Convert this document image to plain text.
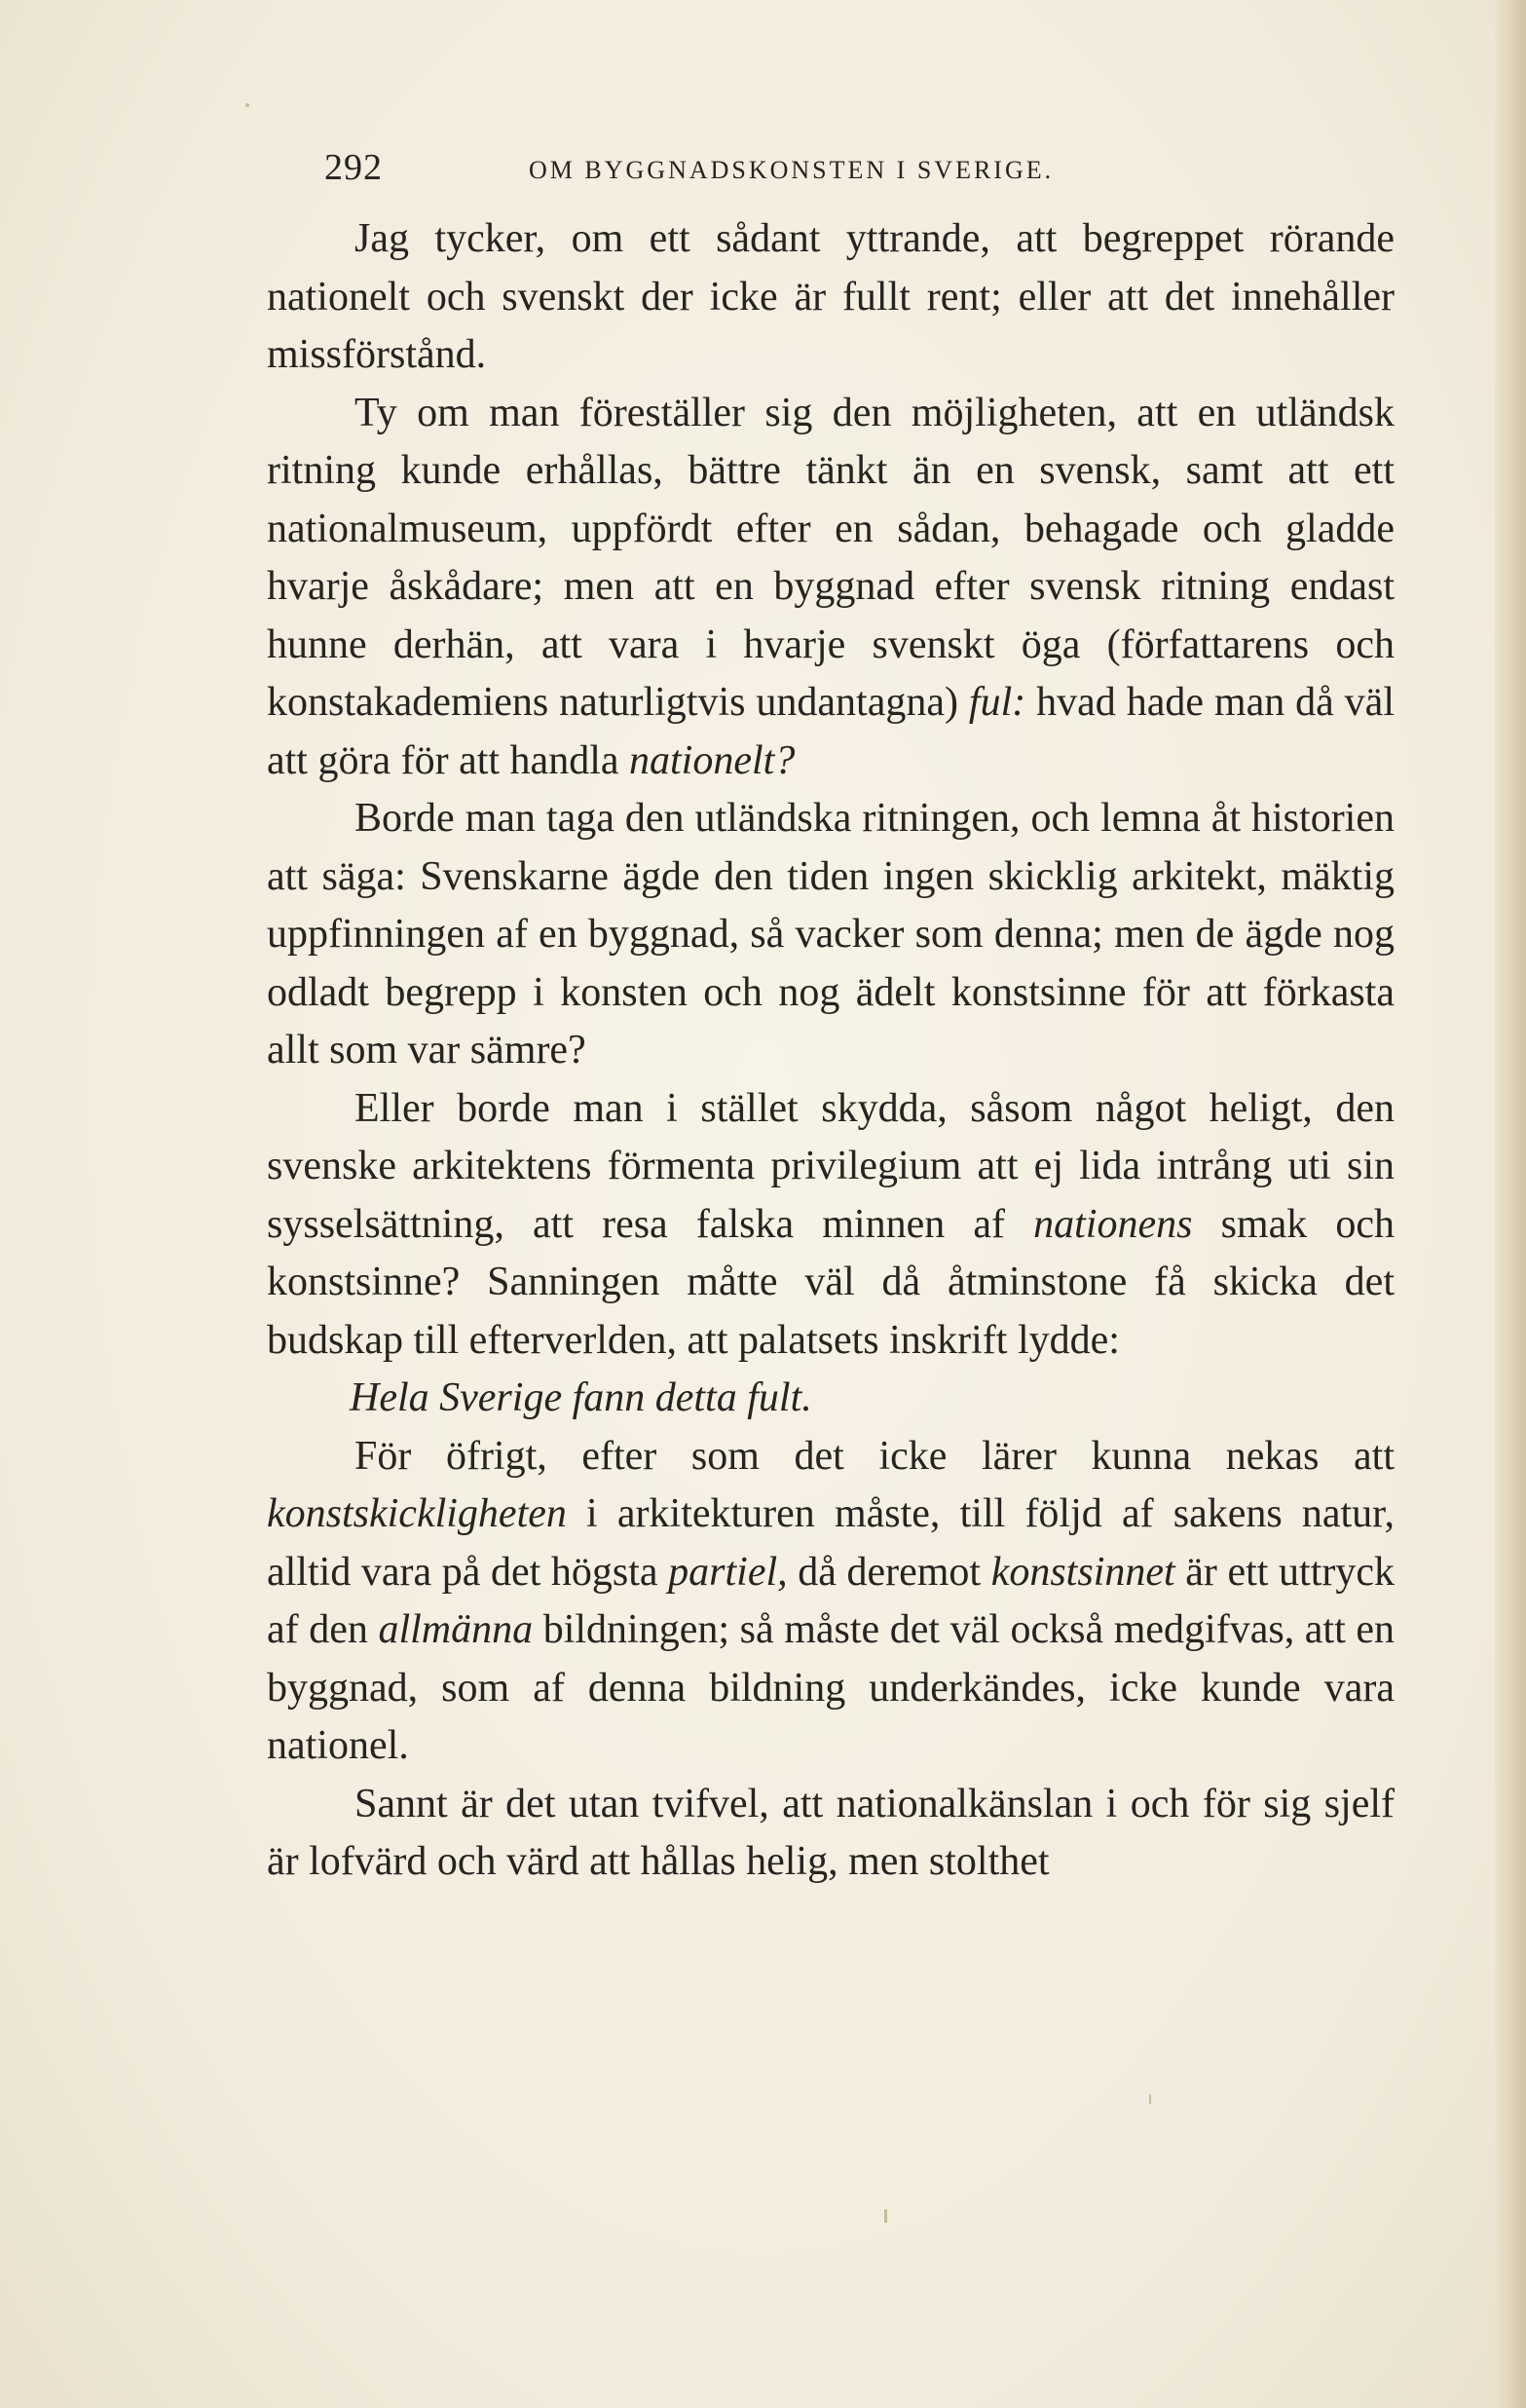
292	OM BYGGNADSKONSTEN I SVERIGE.

Jag tycker, om ett sådant yttrande, att begreppet rörande nationelt och svenskt der icke är fullt rent; eller att det innehåller missförstånd.

Ty om man föreställer sig den möjligheten, att en utländsk ritning kunde erhållas, bättre tänkt än en svensk, samt att ett nationalmuseum, uppfördt efter en sådan, behagade och gladde hvarje åskådare; men att en byggnad efter svensk ritning endast hunne derhän, att vara i hvarje svenskt öga (författarens och konstakademiens naturligtvis undantagna) ful: hvad hade man då väl att göra för att handla nationelt?

Borde man taga den utländska ritningen, och lemna åt historien att säga: Svenskarne ägde den tiden ingen skicklig arkitekt, mäktig uppfinningen af en byggnad, så vacker som denna; men de ägde nog odladt begrepp i konsten och nog ädelt konstsinne för att förkasta allt som var sämre?

Eller borde man i stället skydda, såsom något heligt, den svenske arkitektens förmenta privilegium att ej lida intrång uti sin sysselsättning, att resa falska minnen af nationens smak och konstsinne? Sanningen måtte väl då åtminstone få skicka det budskap till efterverlden, att palatsets inskrift lydde:

Hela Sverige fann detta fult.

För öfrigt, efter som det icke lärer kunna nekas att konstskickligheten i arkitekturen måste, till följd af sakens natur, alltid vara på det högsta partiel, då deremot konstsinnet är ett uttryck af den allmänna bildningen; så måste det väl också medgifvas, att en byggnad, som af denna bildning underkändes, icke kunde vara nationel.

Sannt är det utan tvifvel, att nationalkänslan i och för sig sjelf är lofvärd och värd att hållas helig, men stolthet
